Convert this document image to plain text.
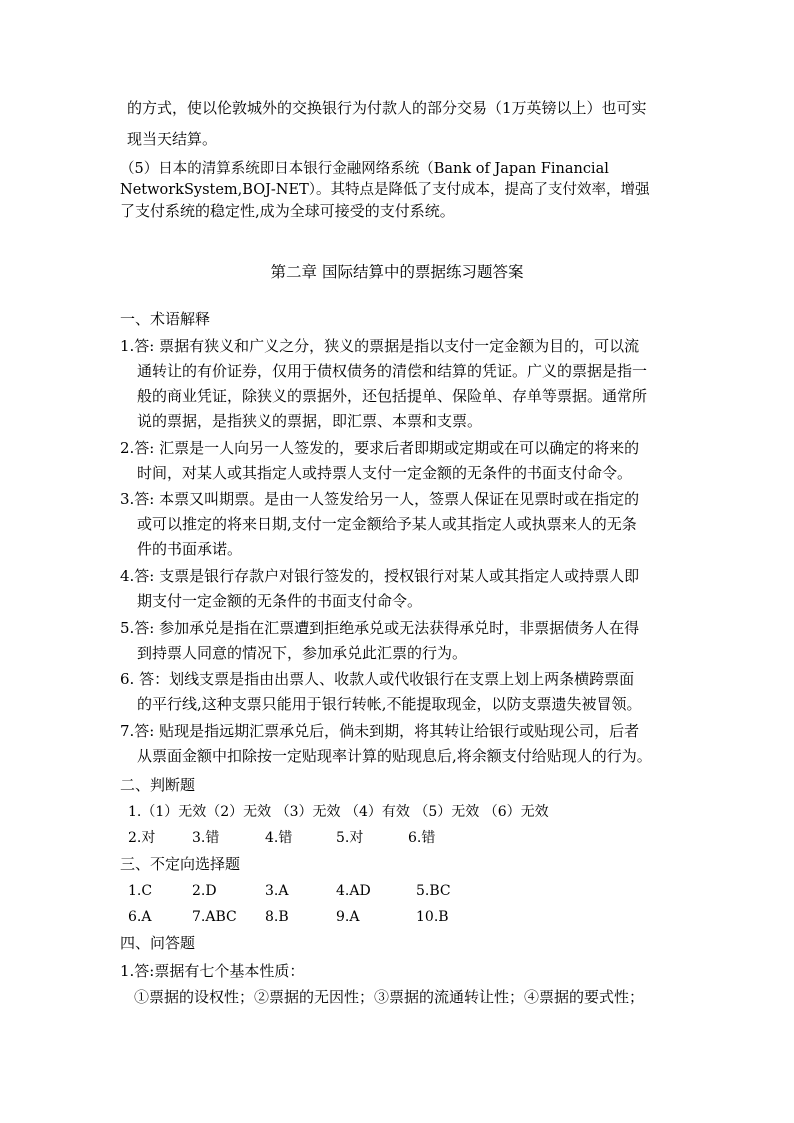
的方式，使以伦敦城外的交换银行为付款人的部分交易（1万英镑以上）也可实
现当天结算。
（5）日本的清算系统即日本银行金融网络系统（Bank of Japan Financial
NetworkSystem,BOJ-NET）。其特点是降低了支付成本，提高了支付效率，增强
了支付系统的稳定性,成为全球可接受的支付系统。
第二章 国际结算中的票据练习题答案
一、术语解释
1.答: 票据有狭义和广义之分，狭义的票据是指以支付一定金额为目的，可以流
通转让的有价证券，仅用于债权债务的清偿和结算的凭证。广义的票据是指一
般的商业凭证，除狭义的票据外，还包括提单、保险单、存单等票据。通常所
说的票据，是指狭义的票据，即汇票、本票和支票。
2.答: 汇票是一人向另一人签发的，要求后者即期或定期或在可以确定的将来的
时间，对某人或其指定人或持票人支付一定金额的无条件的书面支付命令。
3.答: 本票又叫期票。是由一人签发给另一人，签票人保证在见票时或在指定的
或可以推定的将来日期,支付一定金额给予某人或其指定人或执票来人的无条
件的书面承诺。
4.答: 支票是银行存款户对银行签发的，授权银行对某人或其指定人或持票人即
期支付一定金额的无条件的书面支付命令。
5.答: 参加承兑是指在汇票遭到拒绝承兑或无法获得承兑时，非票据债务人在得
到持票人同意的情况下，参加承兑此汇票的行为。
6. 答：划线支票是指由出票人、收款人或代收银行在支票上划上两条横跨票面
的平行线,这种支票只能用于银行转帐,不能提取现金，以防支票遗失被冒领。
7.答: 贴现是指远期汇票承兑后，倘未到期，将其转让给银行或贴现公司，后者
从票面金额中扣除按一定贴现率计算的贴现息后,将余额支付给贴现人的行为。
二、判断题
1.（1）无效（2）无效 （3）无效 （4）有效 （5）无效 （6）无效
2.对	3.错	4.错	5.对	6.错
三、不定向选择题
1.C	2.D	3.A	4.AD	5.BC
6.A	7.ABC 8.B	9.A	10.B
四、问答题
1.答:票据有七个基本性质：
①票据的设权性；②票据的无因性；③票据的流通转让性；④票据的要式性；
